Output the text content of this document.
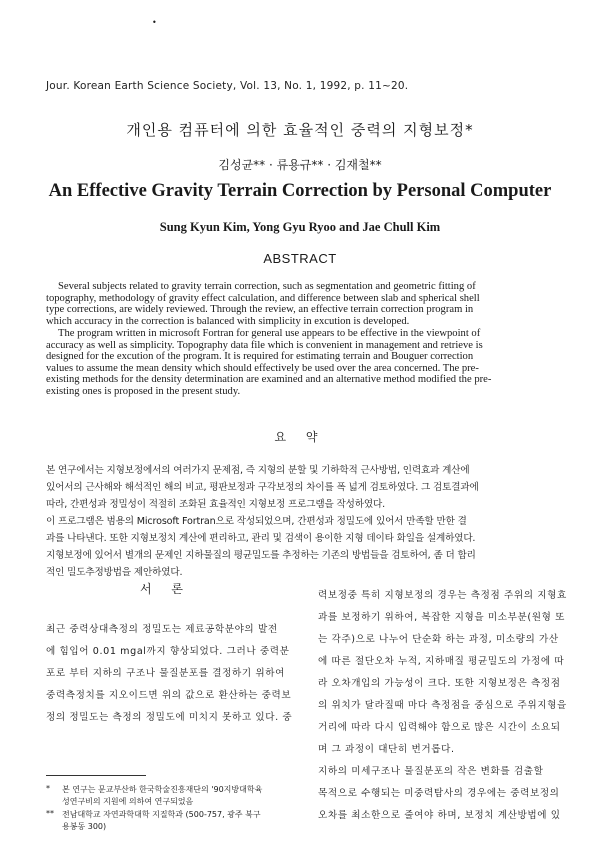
•
Jour. Korean Earth Science Society, Vol. 13, No. 1, 1992, p. 11~20.
개인용 컴퓨터에 의한 효율적인 중력의 지형보정*
김성균** · 류용규** · 김재철**
An Effective Gravity Terrain Correction by Personal Computer
Sung Kyun Kim, Yong Gyu Ryoo and Jae Chull Kim
ABSTRACT
Several subjects related to gravity terrain correction, such as segmentation and geometric fitting of
topography, methodology of gravity effect calculation, and difference between slab and spherical shell
type corrections, are widely reviewed. Through the review, an effective terrain correction program in
which accuracy in the correction is balanced with simplicity in excution is developed.
The program written in microsoft Fortran for general use appears to be effective in the viewpoint of
accuracy as well as simplicity. Topography data file which is convenient in management and retrieve is
designed for the excution of the program. It is required for estimating terrain and Bouguer correction
values to assume the mean density which should effectively be used over the area concerned. The pre-
existing methods for the density determination are examined and an alternative method modified the pre-
existing ones is proposed in the present study.
요 약
본 연구에서는 지형보정에서의 여러가지 문제점, 즉 지형의 분할 및 기하학적 근사방법, 인력효과 계산에
있어서의 근사해와 해석적인 해의 비교, 평판보정과 구각보정의 차이를 폭 넓게 검토하였다. 그 검토결과에
따라, 간편성과 정밀성이 적절히 조화된 효율적인 지형보정 프로그램을 작성하였다.
이 프로그램은 범용의 Microsoft Fortran으로 작성되었으며, 간편성과 정밀도에 있어서 만족할 만한 결
과를 나타낸다. 또한 지형보정치 계산에 편리하고, 관리 및 검색이 용이한 지형 데이타 화일을 설계하였다.
지형보정에 있어서 별개의 문제인 지하물질의 평균밀도를 추정하는 기존의 방법들을 검토하여, 좀 더 합리
적인 밀도추정방법을 제안하였다.
서 론
최근 중력상대측정의 정밀도는 제료공학분야의 발전
에 힘입어 0.01 mgal까지 향상되었다. 그러나 중력분
포로 부터 지하의 구조나 물질분포를 결정하기 위하여
중력측정치를 지오이드면 위의 값으로 환산하는 중력보
정의 정밀도는 측정의 정밀도에 미치지 못하고 있다. 중
력보정중 특히 지형보정의 경우는 측정점 주위의 지형효
과를 보정하기 위하여, 복잡한 지형을 미소부분(원형 또
는 각주)으로 나누어 단순화 하는 과정, 미소량의 가산
에 따른 절단오차 누적, 지하매질 평균밀도의 가정에 따
라 오차개입의 가능성이 크다. 또한 지형보정은 측정점
의 위치가 달라질때 마다 측정점을 중심으로 주위지형을
거리에 따라 다시 입력해야 함으로 많은 시간이 소요되
며 그 과정이 대단히 번거롭다.
지하의 미세구조나 물질분포의 작은 변화를 검출할
목적으로 수행되는 미중력탐사의 경우에는 중력보정의
오차를 최소한으로 줄여야 하며, 보정치 계산방법에 있
* 본 연구는 문교부산하 한국학술진흥재단의 '90지방대학육
성연구비의 지원에 의하여 연구되었음
** 전남대학교 자연과학대학 지질학과 (500-757, 광주 북구
용봉동 300)
